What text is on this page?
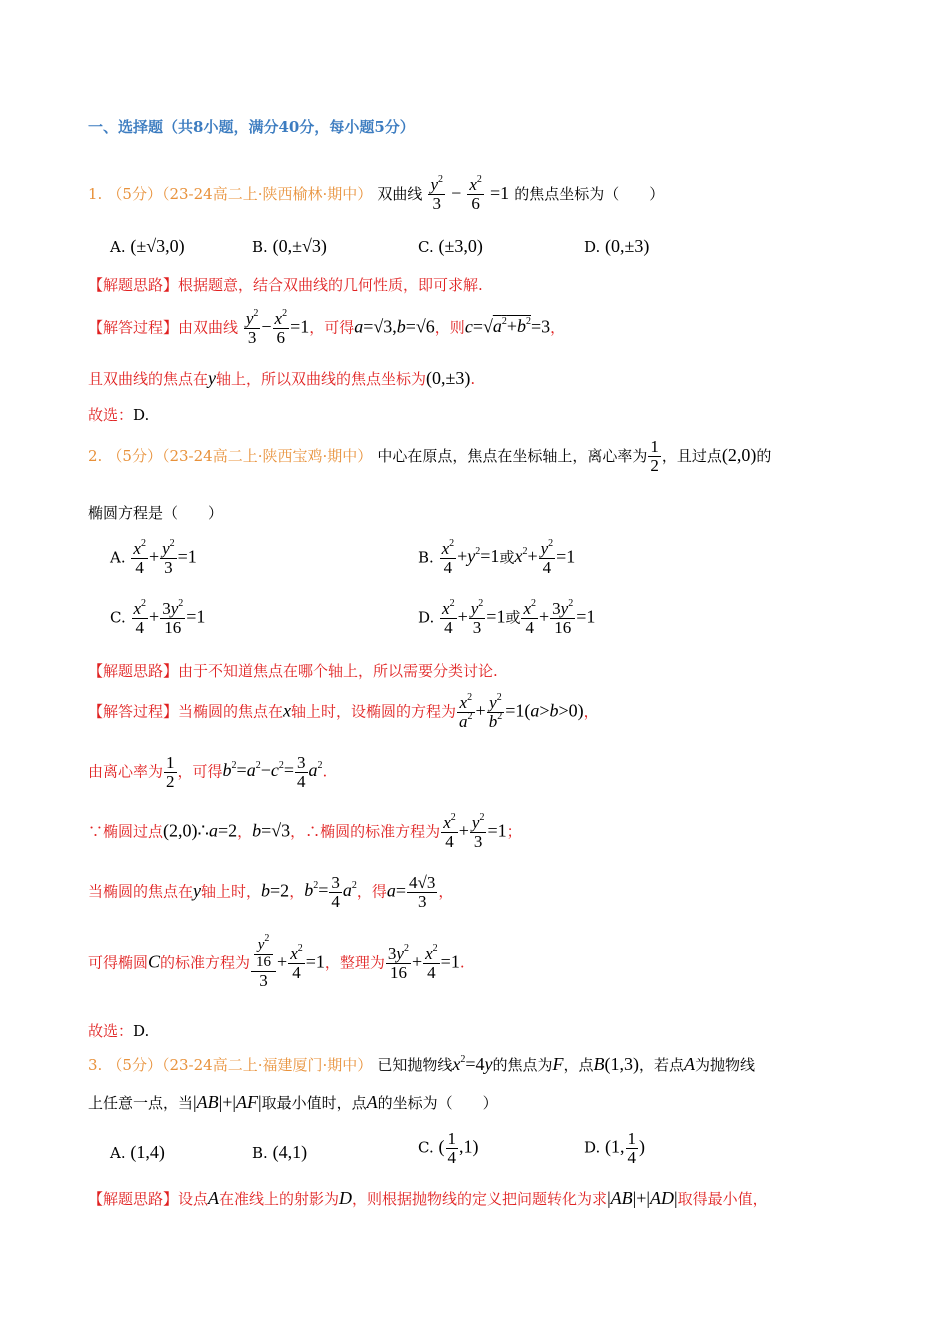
一、选择题（共8小题，满分40分，每小题5分）
1. （5分）（23-24高二上·陕西榆林·期中） 双曲线 $\frac{y^2}{3} - \frac{x^2}{6} =1$ 的焦点坐标为（　　）
A. (±√3,0)	B. (0,±√3)	C. (±3,0)	D. (0,±3)
【解题思路】根据题意，结合双曲线的几何性质，即可求解.
【解答过程】由双曲线 $\frac{y^2}{3} - \frac{x^2}{6} =1$，可得a=√3,b=√6，则$c=√a^2+b^2=3$，
且双曲线的焦点在y轴上，所以双曲线的焦点坐标为(0,±3).
故选：D.
2. （5分）（23-24高二上·陕西宝鸡·期中） 中心在原点，焦点在坐标轴上，离心率为 $\frac{1}{2}$ ，且过点(2,0)的
椭圆方程是（　　）
A. $\frac{x^2}{4} + \frac{y^2}{3} =1$	B. $\frac{x^2}{4} +y^2=1$或$x^2+ \frac{y^2}{4} =1$
C. $\frac{x^2}{4} + \frac{3y^2}{16} =1$	D. $\frac{x^2}{4} + \frac{y^2}{3} =1$或 $\frac{x^2}{4} + \frac{3y^2}{16} =1$
【解题思路】由于不知道焦点在哪个轴上，所以需要分类讨论.
【解答过程】当椭圆的焦点在x轴上时，设椭圆的方程为 $\frac{x^2}{a^2} + \frac{y^2}{b^2} =1(a>b>0)$，
由离心率为 $\frac{1}{2}$ ，可得$b^2=a^2-c^2= \frac{3}{4} a^2$.
∵椭圆过点(2,0)∴a=2，b=√3，∴椭圆的标准方程为 $\frac{x^2}{4} + \frac{y^2}{3} =1$；
当椭圆的焦点在y轴上时，b=2，$b^2= \frac{3}{4} a^2$，得$a= \frac{4√3}{3}$ ，
可得椭圆C的标准方程为 $\frac{\frac{y^2}{16}}{3} + \frac{x^2}{4} =1$，整理为 $\frac{3y^2}{16} + \frac{x^2}{4} =1$.
故选：D.
3. （5分）（23-24高二上·福建厦门·期中） 已知抛物线$x^2=4y$的焦点为F，点B(1,3)，若点A为抛物线
上任意一点，当|AB|+|AF|取最小值时，点A的坐标为（　　）
A. (1,4)	B. (4,1)	C. ( $\frac{1}{4} ,1$)	D. (1, $\frac{1}{4}$ )
【解题思路】设点A在准线上的射影为D，则根据抛物线的定义把问题转化为求|AB|+|AD|取得最小值，
